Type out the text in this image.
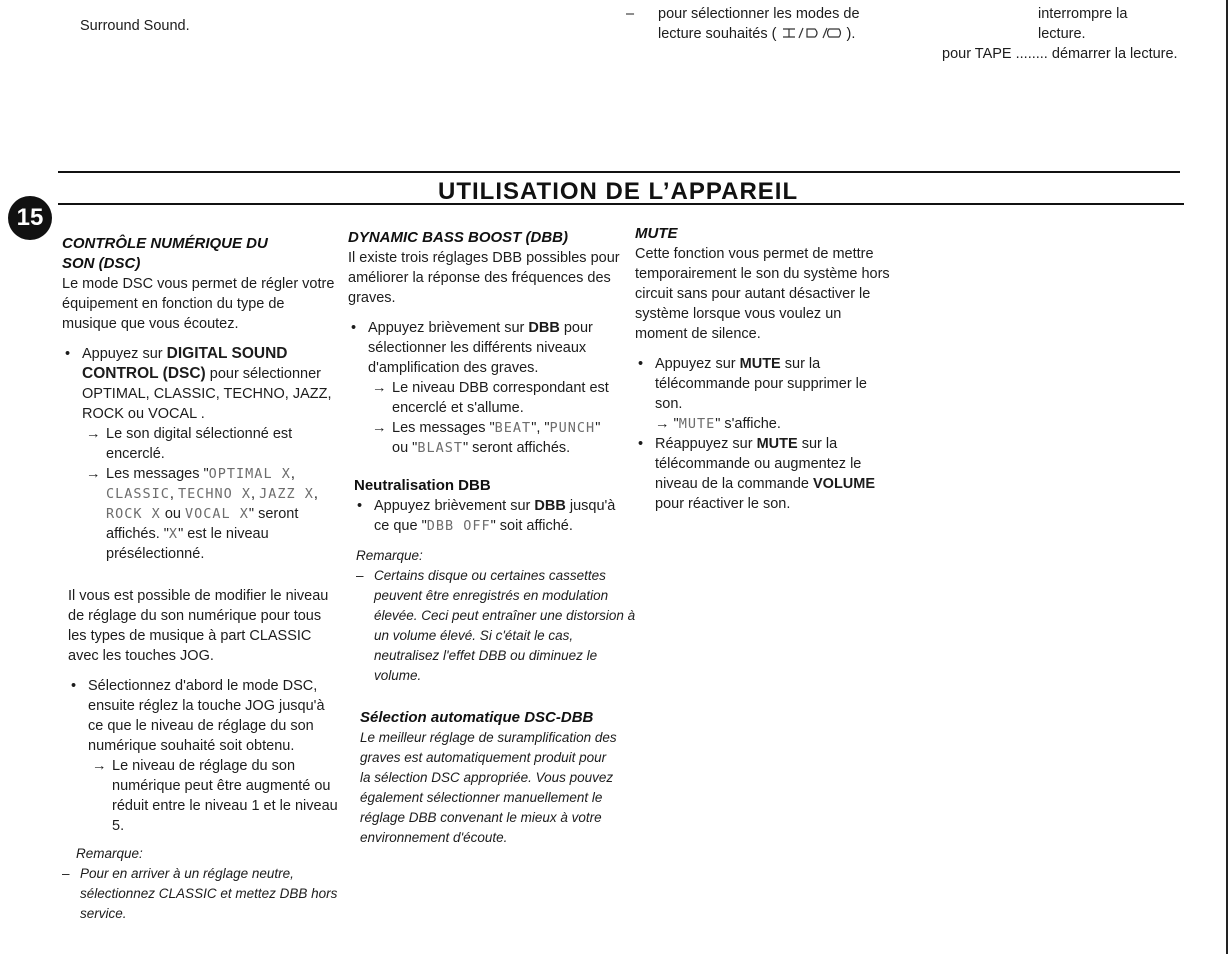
Surround Sound.
– pour sélectionner les modes de
lecture souhaités (	).
interrompre la
lecture.
pour TAPE ........ démarrer la lecture.
15
UTILISATION DE L’APPAREIL
CONTRÔLE NUMÉRIQUE DU SON (DSC)

Le mode DSC vous permet de régler votre équipement en fonction du type de musique que vous écoutez.

• Appuyez sur DIGITAL SOUND CONTROL (DSC) pour sélectionner OPTIMAL, CLASSIC, TECHNO, JAZZ, ROCK ou VOCAL .
→ Le son digital sélectionné est encerclé.
→ Les messages "OPTIMAL X, CLASSIC, TECHNO X, JAZZ X, ROCK X ou VOCAL X" seront affichés. "X" est le niveau présélectionné.

Il vous est possible de modifier le niveau de réglage du son numérique pour tous les types de musique à part CLASSIC avec les touches JOG.

• Sélectionnez d'abord le mode DSC, ensuite réglez la touche JOG jusqu'à ce que le niveau de réglage du son numérique souhaité soit obtenu.
→ Le niveau de réglage du son numérique peut être augmenté ou réduit entre le niveau 1 et le niveau 5.
Remarque:
– Pour en arriver à un réglage neutre, sélectionnez CLASSIC et mettez DBB hors service.
DYNAMIC BASS BOOST (DBB)

Il existe trois réglages DBB possibles pour améliorer la réponse des fréquences des graves.

• Appuyez brièvement sur DBB pour sélectionner les différents niveaux d'amplification des graves.
→ Le niveau DBB correspondant est encerclé et s'allume.
→ Les messages "BEAT", "PUNCH" ou "BLAST" seront affichés.
Neutralisation DBB
• Appuyez brièvement sur DBB jusqu'à ce que "DBB OFF" soit affiché.
Remarque:
– Certains disque ou certaines cassettes peuvent être enregistrés en modulation élevée. Ceci peut entraîner une distorsion à un volume élevé. Si c'était le cas, neutralisez l'effet DBB ou diminuez le volume.
Sélection automatique DSC-DBB
Le meilleur réglage de suramplification des graves est automatiquement produit pour la sélection DSC appropriée. Vous pouvez également sélectionner manuellement le réglage DBB convenant le mieux à votre environnement d'écoute.
MUTE

Cette fonction vous permet de mettre temporairement le son du système hors circuit sans pour autant désactiver le système lorsque vous voulez un moment de silence.

• Appuyez sur MUTE sur la télécommande pour supprimer le son.
→ "MUTE" s'affiche.
• Réappuyez sur MUTE sur la télécommande ou augmentez le niveau de la commande VOLUME pour réactiver le son.
